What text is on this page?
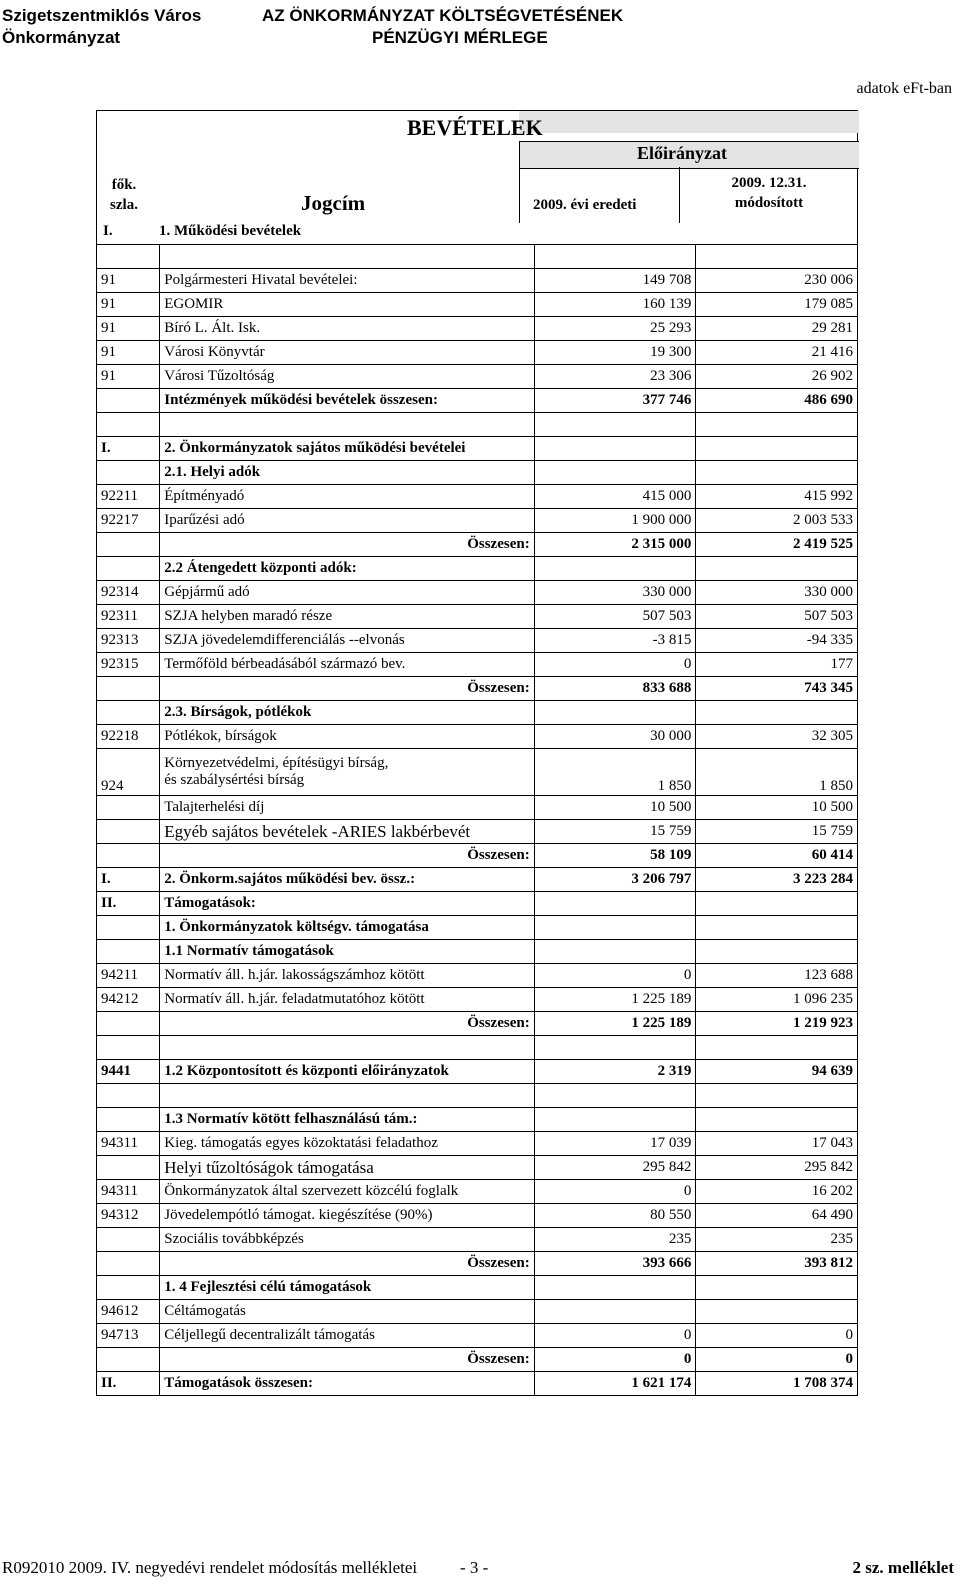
Szigetszentmiklós Város
Önkormányzat
AZ ÖNKORMÁNYZAT KÖLTSÉGVETÉSÉNEK
PÉNZÜGYI MÉRLEGE
adatok eFt-ban
BEVÉTELEK
Előirányzat
fők.
szla.	Jogcím	2009. évi eredeti
2009. 12.31.
módosított
I.	1. Működési bevételek

91	Polgármesteri Hivatal bevételei:	149 708	230 006
91	EGOMIR	160 139	179 085
91	Bíró L. Ált. Isk.	25 293	29 281
91	Városi Könyvtár	19 300	21 416
91	Városi Tűzoltóság	23 306	26 902
	Intézmények működési bevételek összesen:	377 746	486 690

I.	2. Önkormányzatok sajátos működési bevételei		
	2.1. Helyi adók		
92211	Építményadó	415 000	415 992
92217	Iparűzési adó	1 900 000	2 003 533
	Összesen:	2 315 000	2 419 525
	2.2 Átengedett központi adók:		
92314	Gépjármű adó	330 000	330 000
92311	SZJA helyben maradó része	507 503	507 503
92313	SZJA jövedelemdifferenciálás --elvonás	-3 815	-94 335
92315	Termőföld bérbeadásából származó bev.	0	177
	Összesen:	833 688	743 345
	2.3. Bírságok, pótlékok		
92218	Pótlékok, bírságok	30 000	32 305
924	Környezetvédelmi, építésügyi bírság,
és szabálysértési bírság	1 850	1 850
	Talajterhelési díj	10 500	10 500
	Egyéb sajátos bevételek -ARIES lakbérbevét	15 759	15 759
	Összesen:	58 109	60 414
I.	2. Önkorm.sajátos működési bev. össz.:	3 206 797	3 223 284
II.	Támogatások:		
	1. Önkormányzatok költségv. támogatása		
	1.1 Normatív támogatások		
94211	Normatív áll. h.jár. lakosságszámhoz kötött	0	123 688
94212	Normatív áll. h.jár. feladatmutatóhoz kötött	1 225 189	1 096 235
	Összesen:	1 225 189	1 219 923

9441	1.2 Központosított és központi előirányzatok	2 319	94 639

	1.3 Normatív kötött felhasználású tám.:		
94311	Kieg. támogatás egyes közoktatási feladathoz	17 039	17 043
	Helyi tűzoltóságok támogatása	295 842	295 842
94311	Önkormányzatok által szervezett közcélú foglalk	0	16 202
94312	Jövedelempótló támogat. kiegészítése (90%)	80 550	64 490
	Szociális továbbképzés	235	235
	Összesen:	393 666	393 812
	1. 4 Fejlesztési célú támogatások		
94612	Céltámogatás		
94713	Céljellegű decentralizált támogatás	0	0
	Összesen:	0	0
II.	Támogatások összesen:	1 621 174	1 708 374
R092010 2009. IV. negyedévi rendelet módosítás mellékletei	- 3 -	2 sz. melléklet
